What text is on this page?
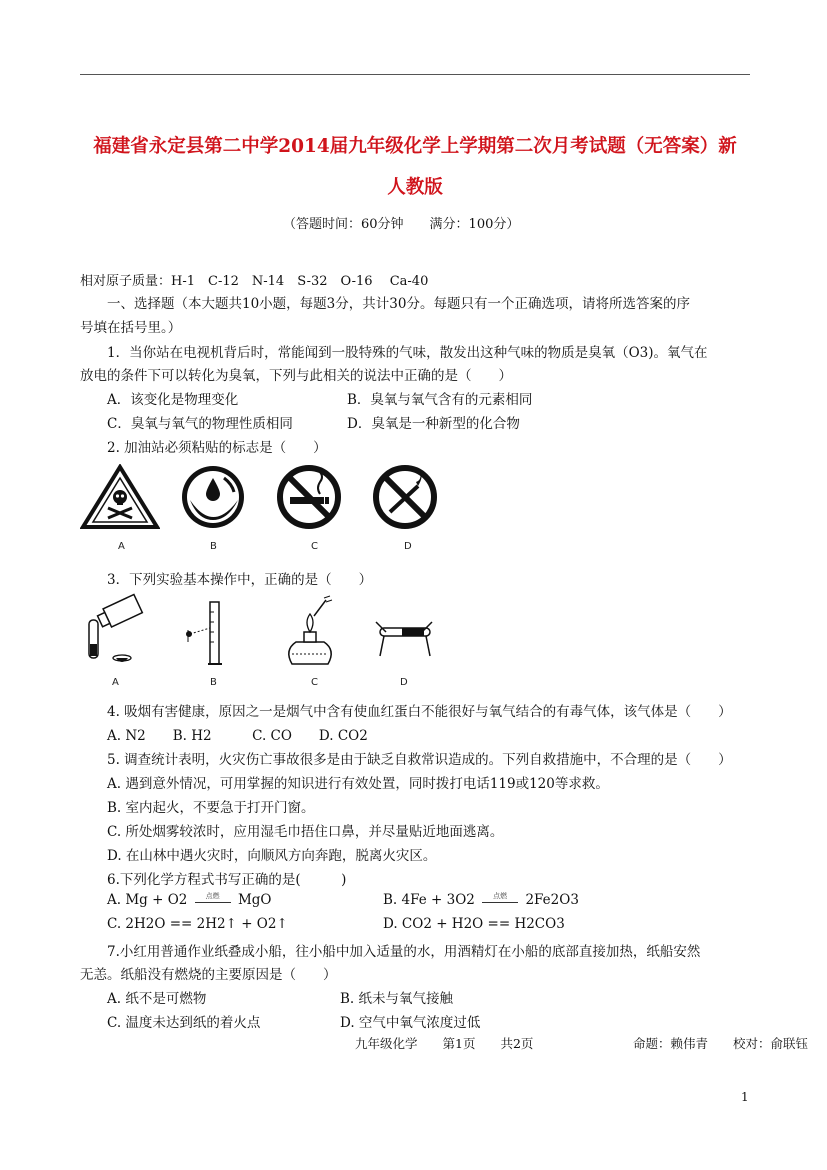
福建省永定县第二中学2014届九年级化学上学期第二次月考试题（无答案）新
人教版
（答题时间：60分钟　　满分：100分）
相对原子质量：H-1　C-12　N-14　S-32　O-16　 Ca-40
一、选择题（本大题共10小题，每题3分，共计30分。每题只有一个正确选项，请将所选答案的序
号填在括号里。）
1．当你站在电视机背后时，常能闻到一股特殊的气味，散发出这种气味的物质是臭氧（O3)。氧气在
放电的条件下可以转化为臭氧，下列与此相关的说法中正确的是（　　）
A．该变化是物理变化	B．臭氧与氧气含有的元素相同
C．臭氧与氧气的物理性质相同	D．臭氧是一种新型的化合物
2. 加油站必须粘贴的标志是（　　）
A	B	C	D
3．下列实验基本操作中，正确的是（　　）
A	B	C	D
4. 吸烟有害健康，原因之一是烟气中含有使血红蛋白不能很好与氧气结合的有毒气体，该气体是（　　）
A. N2　　B. H2　　　C. CO　　D. CO2
5. 调查统计表明，火灾伤亡事故很多是由于缺乏自救常识造成的。下列自救措施中，不合理的是（　　）
A. 遇到意外情况，可用掌握的知识进行有效处置，同时拨打电话119或120等求救。
B. 室内起火，不要急于打开门窗。
C. 所处烟雾较浓时，应用湿毛巾捂住口鼻，并尽量贴近地面逃离。
D. 在山林中遇火灾时，向顺风方向奔跑，脱离火灾区。
6.下列化学方程式书写正确的是(　　　)
A. Mg + O2	点燃	MgO	B. 4Fe + 3O2	点燃	2Fe2O3
C. 2H2O == 2H2↑ + O2↑	D. CO2 + H2O == H2CO3
7.小红用普通作业纸叠成小船，往小船中加入适量的水，用酒精灯在小船的底部直接加热，纸船安然
无恙。纸船没有燃烧的主要原因是（　　）
A. 纸不是可燃物	B. 纸未与氧气接触
C. 温度未达到纸的着火点	D. 空气中氧气浓度过低
九年级化学　　第1页　　共2页	命题：赖伟青　　校对：俞联钰
1
